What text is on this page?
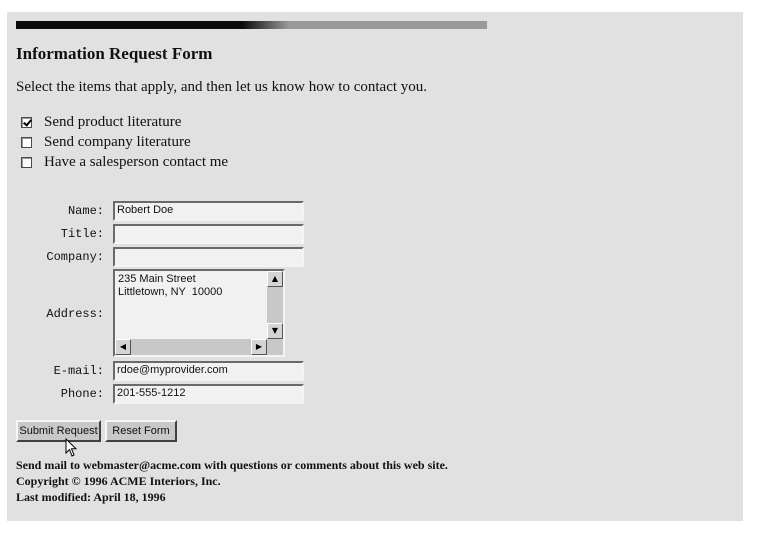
Information Request Form

Select the items that apply, and then let us know how to contact you.

Send product literature
Send company literature
Have a salesperson contact me
Name:
Title:
Company:
Address:
E-mail:
Phone:
Robert Doe
235 Main Street
Littletown, NY  10000
▲
▼
◀	▶
rdoe@myprovider.com
201-555-1212
Submit Request	Reset Form
Send mail to webmaster@acme.com with questions or comments about this web site.
Copyright © 1996 ACME Interiors, Inc.
Last modified: April 18, 1996
